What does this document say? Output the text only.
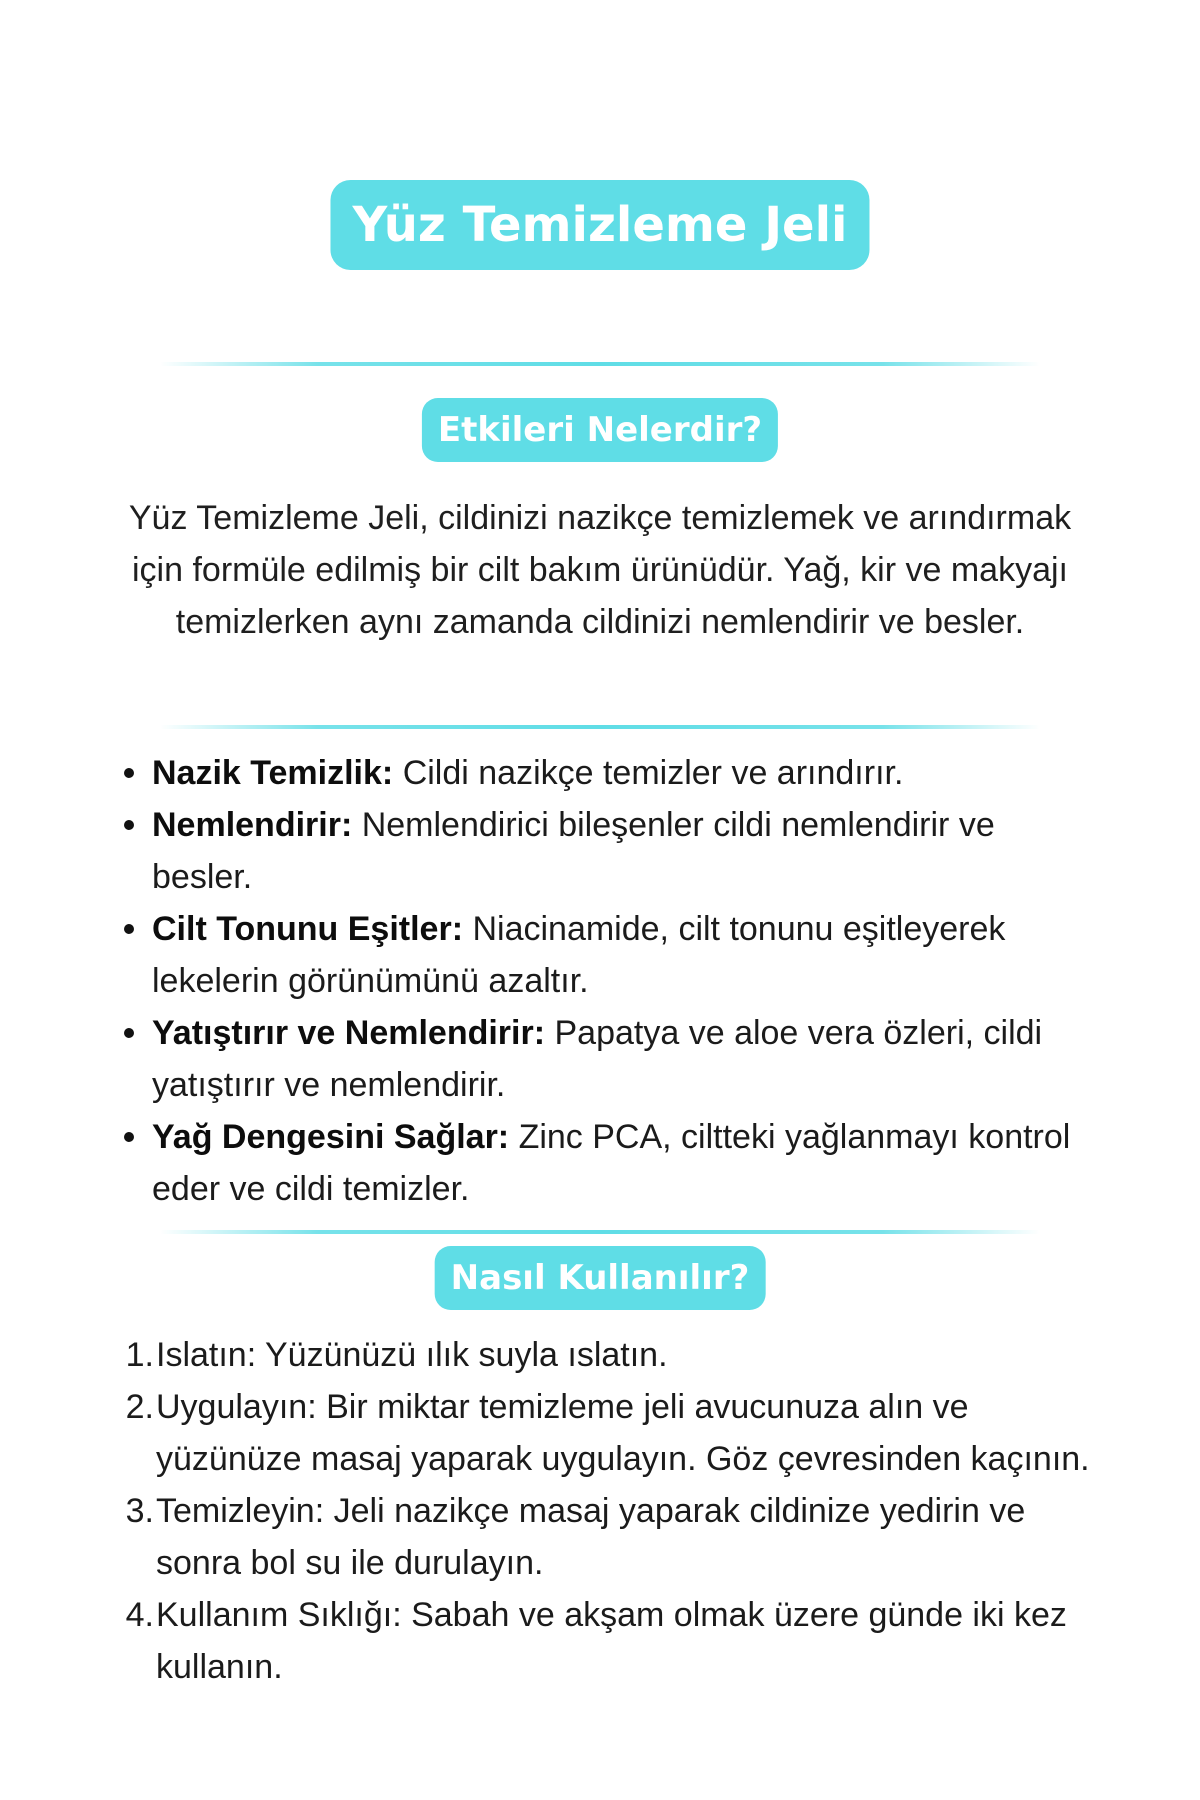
Yüz Temizleme Jeli
Etkileri Nelerdir?

Yüz Temizleme Jeli, cildinizi nazikçe temizlemek ve arındırmak için formüle edilmiş bir cilt bakım ürünüdür. Yağ, kir ve makyajı temizlerken aynı zamanda cildinizi nemlendirir ve besler.

Nazik Temizlik: Cildi nazikçe temizler ve arındırır.
Nemlendirir: Nemlendirici bileşenler cildi nemlendirir ve besler.
Cilt Tonunu Eşitler: Niacinamide, cilt tonunu eşitleyerek lekelerin görünümünü azaltır.
Yatıştırır ve Nemlendirir: Papatya ve aloe vera özleri, cildi yatıştırır ve nemlendirir.
Yağ Dengesini Sağlar: Zinc PCA, ciltteki yağlanmayı kontrol eder ve cildi temizler.
Nasıl Kullanılır?
1. Islatın: Yüzünüzü ılık suyla ıslatın.
2. Uygulayın: Bir miktar temizleme jeli avucunuza alın ve yüzünüze masaj yaparak uygulayın. Göz çevresinden kaçının.
3. Temizleyin: Jeli nazikçe masaj yaparak cildinize yedirin ve sonra bol su ile durulayın.
4. Kullanım Sıklığı: Sabah ve akşam olmak üzere günde iki kez kullanın.
